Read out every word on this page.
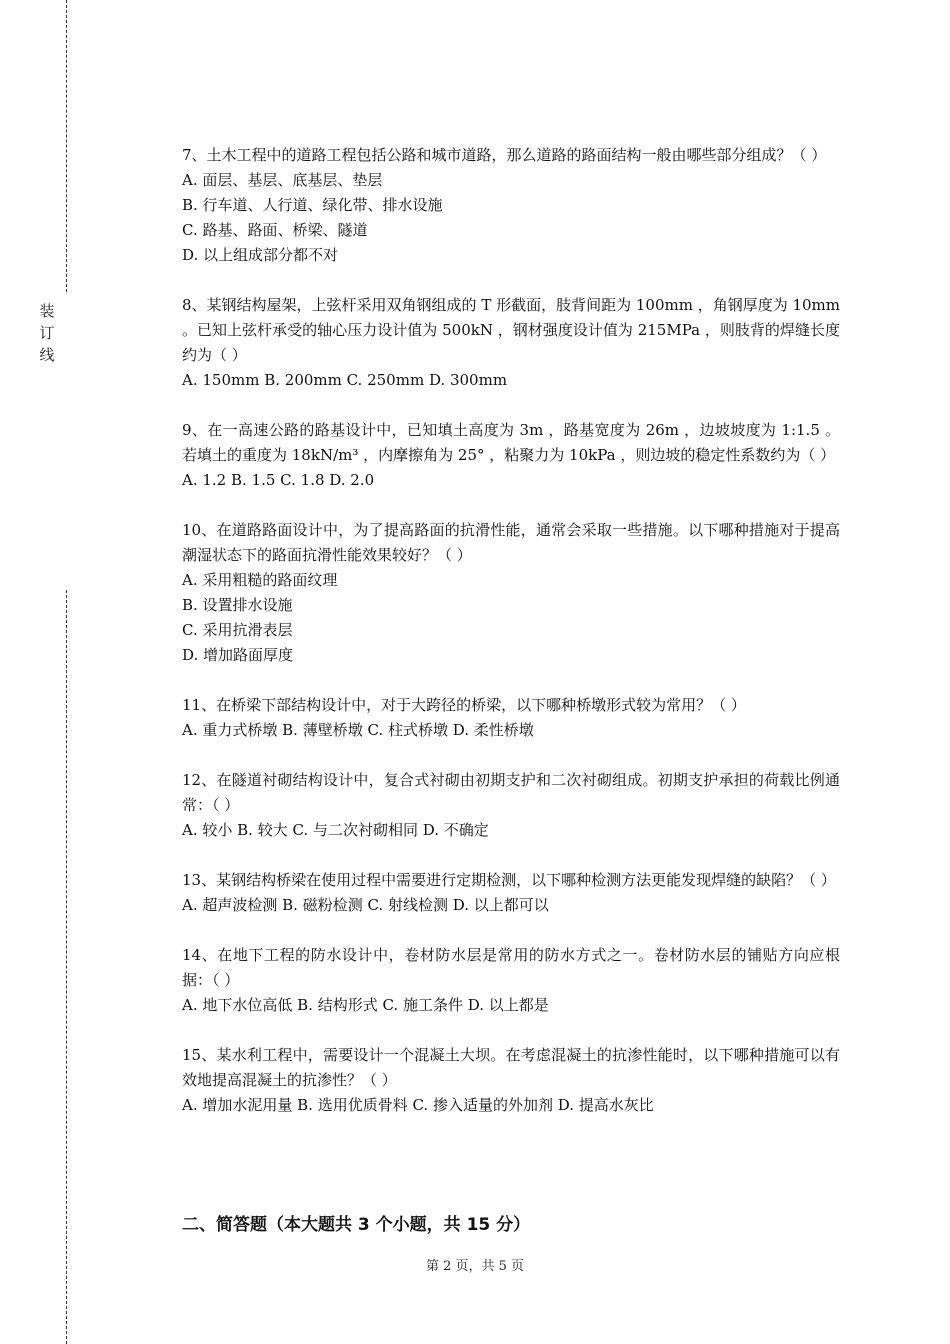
装
订
线

7、土木工程中的道路工程包括公路和城市道路，那么道路的路面结构一般由哪些部分组成？（ ）

A. 面层、基层、底基层、垫层

B. 行车道、人行道、绿化带、排水设施

C. 路基、路面、桥梁、隧道

D. 以上组成部分都不对

8、某钢结构屋架，上弦杆采用双角钢组成的 T 形截面，肢背间距为 100mm ，角钢厚度为 10mm 。已知上弦杆承受的轴心压力设计值为 500kN ，钢材强度设计值为 215MPa ，则肢背的焊缝长度约为（ ）

A. 150mm B. 200mm C. 250mm D. 300mm

9、在一高速公路的路基设计中，已知填土高度为 3m ，路基宽度为 26m ，边坡坡度为 1:1.5 。若填土的重度为 18kN/m³ ，内摩擦角为 25° ，粘聚力为 10kPa ，则边坡的稳定性系数约为（ ）

A. 1.2 B. 1.5 C. 1.8 D. 2.0

10、在道路路面设计中，为了提高路面的抗滑性能，通常会采取一些措施。以下哪种措施对于提高潮湿状态下的路面抗滑性能效果较好？（ ）

A. 采用粗糙的路面纹理

B. 设置排水设施

C. 采用抗滑表层

D. 增加路面厚度

11、在桥梁下部结构设计中，对于大跨径的桥梁，以下哪种桥墩形式较为常用？（ ）

A. 重力式桥墩 B. 薄壁桥墩 C. 柱式桥墩 D. 柔性桥墩

12、在隧道衬砌结构设计中，复合式衬砌由初期支护和二次衬砌组成。初期支护承担的荷载比例通常：（ ）

A. 较小 B. 较大 C. 与二次衬砌相同 D. 不确定

13、某钢结构桥梁在使用过程中需要进行定期检测，以下哪种检测方法更能发现焊缝的缺陷？（ ）

A. 超声波检测 B. 磁粉检测 C. 射线检测 D. 以上都可以

14、在地下工程的防水设计中，卷材防水层是常用的防水方式之一。卷材防水层的铺贴方向应根据：（ ）

A. 地下水位高低 B. 结构形式 C. 施工条件 D. 以上都是

15、某水利工程中，需要设计一个混凝土大坝。在考虑混凝土的抗渗性能时，以下哪种措施可以有效地提高混凝土的抗渗性？（ ）

A. 增加水泥用量 B. 选用优质骨料 C. 掺入适量的外加剂 D. 提高水灰比

二、简答题（本大题共 3 个小题，共 15 分）
第 2 页，共 5 页
